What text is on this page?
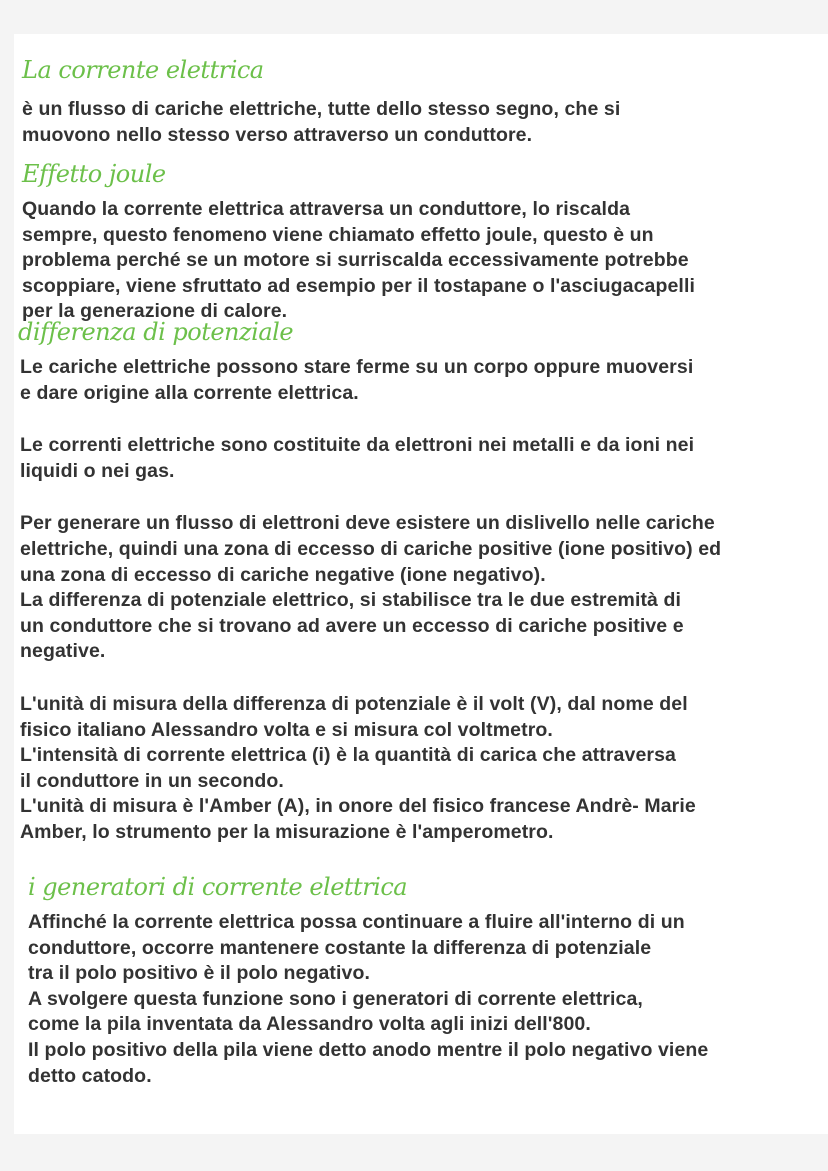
La corrente elettrica
è un flusso di cariche elettriche, tutte dello stesso segno, che si
muovono nello stesso verso attraverso un conduttore.
Effetto joule
Quando la corrente elettrica attraversa un conduttore, lo riscalda
sempre, questo fenomeno viene chiamato effetto joule, questo è un
problema perché se un motore si surriscalda eccessivamente potrebbe
scoppiare, viene sfruttato ad esempio per il tostapane o l'asciugacapelli
per la generazione di calore.
differenza di potenziale
Le cariche elettriche possono stare ferme su un corpo oppure muoversi
e dare origine alla corrente elettrica.
Le correnti elettriche sono costituite da elettroni nei metalli e da ioni nei
liquidi o nei gas.
Per generare un flusso di elettroni deve esistere un dislivello nelle cariche
elettriche, quindi una zona di eccesso di cariche positive (ione positivo) ed
una zona di eccesso di cariche negative (ione negativo).
La differenza di potenziale elettrico, si stabilisce tra le due estremità di
un conduttore che si trovano ad avere un eccesso di cariche positive e
negative.
L'unità di misura della differenza di potenziale è il volt (V), dal nome del
fisico italiano Alessandro volta e si misura col voltmetro.
L'intensità di corrente elettrica (i) è la quantità di carica che attraversa
il conduttore in un secondo.
L'unità di misura è l'Amber (A), in onore del fisico francese Andrè- Marie
Amber, lo strumento per la misurazione è l'amperometro.
i generatori di corrente elettrica
Affinché la corrente elettrica possa continuare a fluire all'interno di un
conduttore, occorre mantenere costante la differenza di potenziale
tra il polo positivo è il polo negativo.
A svolgere questa funzione sono i generatori di corrente elettrica,
come la pila inventata da Alessandro volta agli inizi dell'800.
Il polo positivo della pila viene detto anodo mentre il polo negativo viene
detto catodo.
